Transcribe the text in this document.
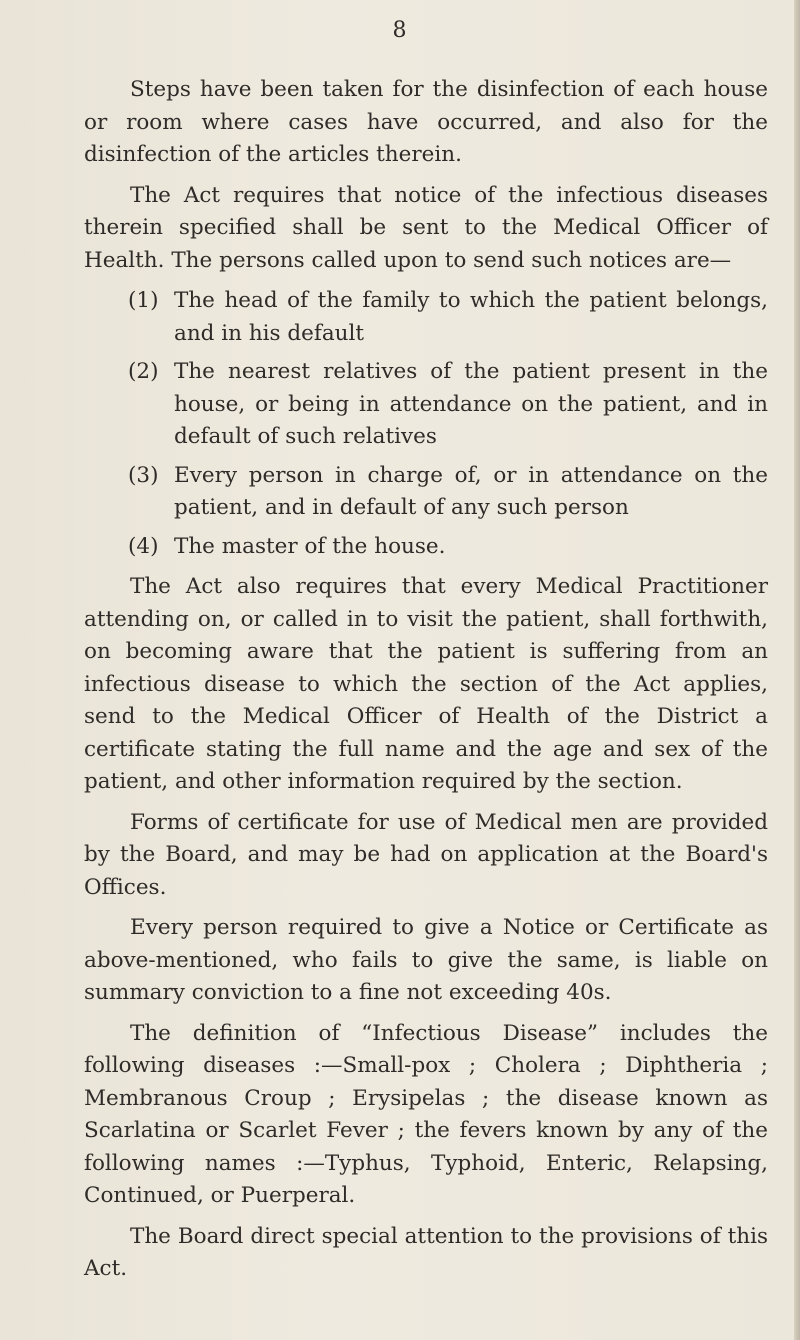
8

Steps have been taken for the disinfection of each house or room where cases have occurred, and also for the disinfection of the articles therein.

The Act requires that notice of the infectious diseases therein specified shall be sent to the Medical Officer of Health. The persons called upon to send such notices are—

(1) The head of the family to which the patient belongs, and in his default
(2) The nearest relatives of the patient present in the house, or being in attendance on the patient, and in default of such relatives
(3) Every person in charge of, or in attendance on the patient, and in default of any such person
(4) The master of the house.

The Act also requires that every Medical Practitioner attending on, or called in to visit the patient, shall forthwith, on becoming aware that the patient is suffering from an infectious disease to which the section of the Act applies, send to the Medical Officer of Health of the District a certificate stating the full name and the age and sex of the patient, and other information required by the section.

Forms of certificate for use of Medical men are provided by the Board, and may be had on application at the Board's Offices.

Every person required to give a Notice or Certificate as above-mentioned, who fails to give the same, is liable on summary conviction to a fine not exceeding 40s.

The definition of “Infectious Disease” includes the following diseases :—Small-pox ; Cholera ; Diphtheria ; Membranous Croup ; Erysipelas ; the disease known as Scarlatina or Scarlet Fever ; the fevers known by any of the following names :—Typhus, Typhoid, Enteric, Relapsing, Continued, or Puerperal.

The Board direct special attention to the provisions of this Act.
